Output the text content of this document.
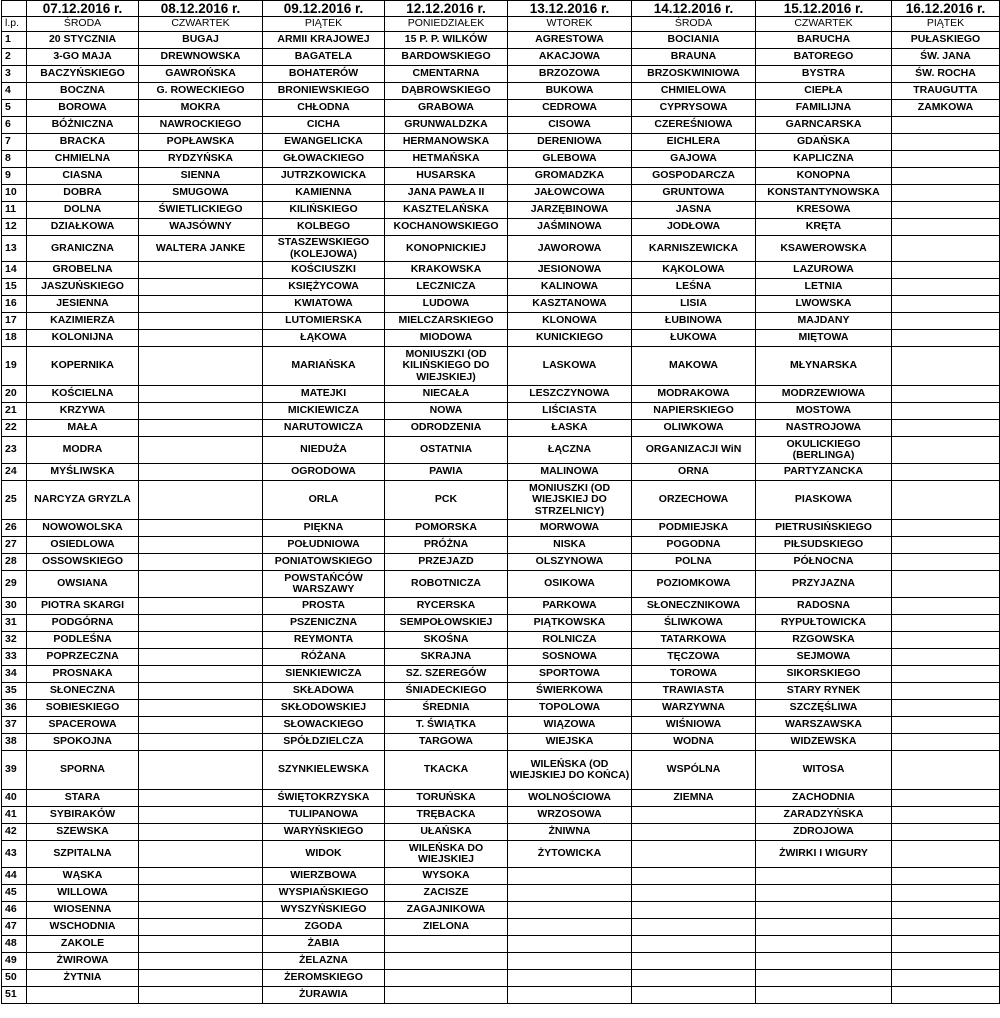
	07.12.2016 r.	08.12.2016 r.	09.12.2016 r.	12.12.2016 r.	13.12.2016 r.	14.12.2016 r.	15.12.2016 r.	16.12.2016 r.
l.p.	ŚRODA	CZWARTEK	PIĄTEK	PONIEDZIAŁEK	WTOREK	ŚRODA	CZWARTEK	PIĄTEK
1	20 STYCZNIA	BUGAJ	ARMII KRAJOWEJ	15 P. P. WILKÓW	AGRESTOWA	BOCIANIA	BARUCHA	PUŁASKIEGO
2	3-GO MAJA	DREWNOWSKA	BAGATELA	BARDOWSKIEGO	AKACJOWA	BRAUNA	BATOREGO	ŚW. JANA
3	BACZYŃSKIEGO	GAWROŃSKA	BOHATERÓW	CMENTARNA	BRZOZOWA	BRZOSKWINIOWA	BYSTRA	ŚW. ROCHA
4	BOCZNA	G. ROWECKIEGO	BRONIEWSKIEGO	DĄBROWSKIEGO	BUKOWA	CHMIELOWA	CIEPŁA	TRAUGUTTA
5	BOROWA	MOKRA	CHŁODNA	GRABOWA	CEDROWA	CYPRYSOWA	FAMILIJNA	ZAMKOWA
6	BÓŻNICZNA	NAWROCKIEGO	CICHA	GRUNWALDZKA	CISOWA	CZEREŚNIOWA	GARNCARSKA	
7	BRACKA	POPŁAWSKA	EWANGELICKA	HERMANOWSKA	DERENIOWA	EICHLERA	GDAŃSKA	
8	CHMIELNA	RYDZYŃSKA	GŁOWACKIEGO	HETMAŃSKA	GLEBOWA	GAJOWA	KAPLICZNA	
9	CIASNA	SIENNA	JUTRZKOWICKA	HUSARSKA	GROMADZKA	GOSPODARCZA	KONOPNA	
10	DOBRA	SMUGOWA	KAMIENNA	JANA PAWŁA II	JAŁOWCOWA	GRUNTOWA	KONSTANTYNOWSKA	
11	DOLNA	ŚWIETLICKIEGO	KILIŃSKIEGO	KASZTELAŃSKA	JARZĘBINOWA	JASNA	KRESOWA	
12	DZIAŁKOWA	WAJSÓWNY	KOLBEGO	KOCHANOWSKIEGO	JAŚMINOWA	JODŁOWA	KRĘTA	
13	GRANICZNA	WALTERA JANKE	STASZEWSKIEGO (KOLEJOWA)	KONOPNICKIEJ	JAWOROWA	KARNISZEWICKA	KSAWEROWSKA	
14	GROBELNA		KOŚCIUSZKI	KRAKOWSKA	JESIONOWA	KĄKOLOWA	LAZUROWA	
15	JASZUŃSKIEGO		KSIĘŻYCOWA	LECZNICZA	KALINOWA	LEŚNA	LETNIA	
16	JESIENNA		KWIATOWA	LUDOWA	KASZTANOWA	LISIA	LWOWSKA	
17	KAZIMIERZA		LUTOMIERSKA	MIELCZARSKIEGO	KLONOWA	ŁUBINOWA	MAJDANY	
18	KOLONIJNA		ŁĄKOWA	MIODOWA	KUNICKIEGO	ŁUKOWA	MIĘTOWA	
19	KOPERNIKA		MARIAŃSKA	MONIUSZKI (OD KILIŃSKIEGO DO WIEJSKIEJ)	LASKOWA	MAKOWA	MŁYNARSKA	
20	KOŚCIELNA		MATEJKI	NIECAŁA	LESZCZYNOWA	MODRAKOWA	MODRZEWIOWA	
21	KRZYWA		MICKIEWICZA	NOWA	LIŚCIASTA	NAPIERSKIEGO	MOSTOWA	
22	MAŁA		NARUTOWICZA	ODRODZENIA	ŁASKA	OLIWKOWA	NASTROJOWA	
23	MODRA		NIEDUŻA	OSTATNIA	ŁĄCZNA	ORGANIZACJI WiN	OKULICKIEGO (BERLINGA)	
24	MYŚLIWSKA		OGRODOWA	PAWIA	MALINOWA	ORNA	PARTYZANCKA	
25	NARCYZA GRYZLA		ORLA	PCK	MONIUSZKI (OD WIEJSKIEJ DO STRZELNICY)	ORZECHOWA	PIASKOWA	
26	NOWOWOLSKA		PIĘKNA	POMORSKA	MORWOWA	PODMIEJSKA	PIETRUSIŃSKIEGO	
27	OSIEDLOWA		POŁUDNIOWA	PRÓŻNA	NISKA	POGODNA	PIŁSUDSKIEGO	
28	OSSOWSKIEGO		PONIATOWSKIEGO	PRZEJAZD	OLSZYNOWA	POLNA	PÓŁNOCNA	
29	OWSIANA		POWSTAŃCÓW WARSZAWY	ROBOTNICZA	OSIKOWA	POZIOMKOWA	PRZYJAZNA	
30	PIOTRA SKARGI		PROSTA	RYCERSKA	PARKOWA	SŁONECZNIKOWA	RADOSNA	
31	PODGÓRNA		PSZENICZNA	SEMPOŁOWSKIEJ	PIĄTKOWSKA	ŚLIWKOWA	RYPUŁTOWICKA	
32	PODLEŚNA		REYMONTA	SKOŚNA	ROLNICZA	TATARKOWA	RZGOWSKA	
33	POPRZECZNA		RÓŻANA	SKRAJNA	SOSNOWA	TĘCZOWA	SEJMOWA	
34	PROSNAKA		SIENKIEWICZA	SZ. SZEREGÓW	SPORTOWA	TOROWA	SIKORSKIEGO	
35	SŁONECZNA		SKŁADOWA	ŚNIADECKIEGO	ŚWIERKOWA	TRAWIASTA	STARY RYNEK	
36	SOBIESKIEGO		SKŁODOWSKIEJ	ŚREDNIA	TOPOLOWA	WARZYWNA	SZCZĘŚLIWA	
37	SPACEROWA		SŁOWACKIEGO	T. ŚWIĄTKA	WIĄZOWA	WIŚNIOWA	WARSZAWSKA	
38	SPOKOJNA		SPÓŁDZIELCZA	TARGOWA	WIEJSKA	WODNA	WIDZEWSKA	
39	SPORNA		SZYNKIELEWSKA	TKACKA	WILEŃSKA (OD WIEJSKIEJ DO KOŃCA)	WSPÓLNA	WITOSA	
40	STARA		ŚWIĘTOKRZYSKA	TORUŃSKA	WOLNOŚCIOWA	ZIEMNA	ZACHODNIA	
41	SYBIRAKÓW		TULIPANOWA	TRĘBACKA	WRZOSOWA		ZARADZYŃSKA	
42	SZEWSKA		WARYŃSKIEGO	UŁAŃSKA	ŻNIWNA		ZDROJOWA	
43	SZPITALNA		WIDOK	WILEŃSKA DO WIEJSKIEJ	ŻYTOWICKA		ŻWIRKI I WIGURY	
44	WĄSKA		WIERZBOWA	WYSOKA				
45	WILLOWA		WYSPIAŃSKIEGO	ZACISZE				
46	WIOSENNA		WYSZYŃSKIEGO	ZAGAJNIKOWA				
47	WSCHODNIA		ZGODA	ZIELONA				
48	ZAKOLE		ŻABIA					
49	ŻWIROWA		ŻELAZNA					
50	ŻYTNIA		ŻEROMSKIEGO					
51			ŻURAWIA					
